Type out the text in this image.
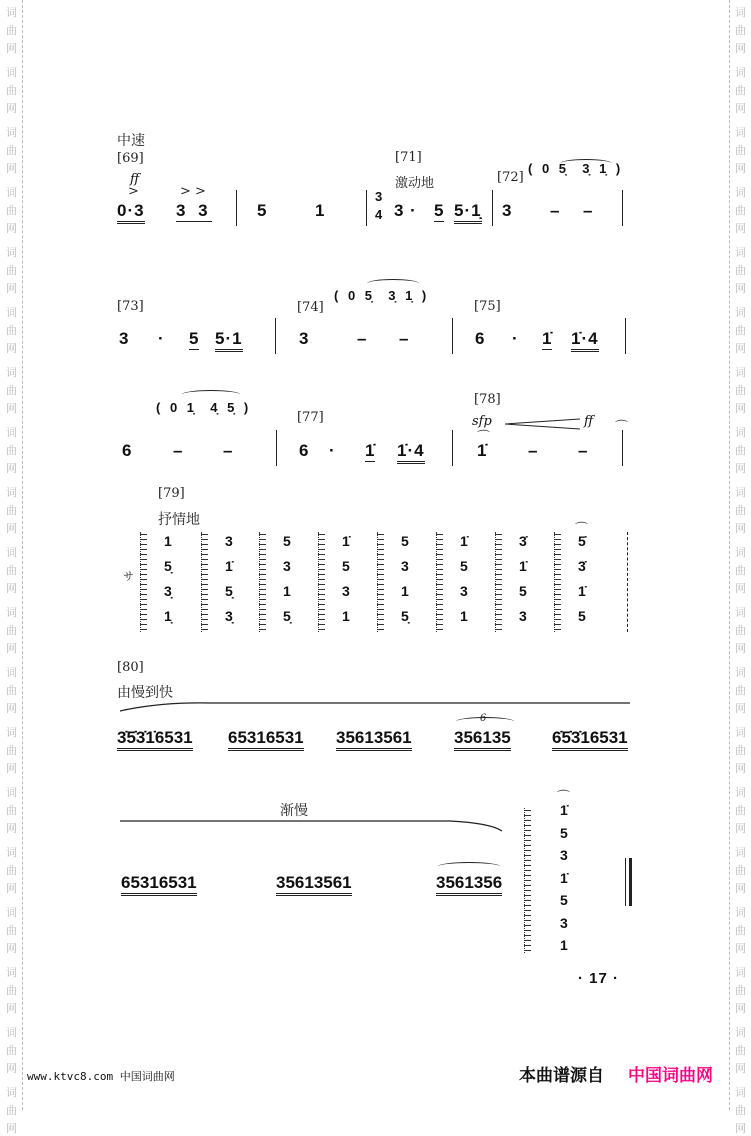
词	词
曲	曲
网	网
词	词
曲	曲
网	网
词	词
曲	曲
网	网
词	词
曲	曲
网	网
词	词
曲	曲
网	网
词	词
曲	曲
网	网
词	词
曲	曲
网	网
词	词
曲	曲
网	网
词	词
曲	曲
网	网
词	词
曲	曲
网	网
词	词
曲	曲
网	网
词	词
曲	曲
网	网
词	词
曲	曲
网	网
词	词
曲	曲
网	网
词	词
曲	曲
网	网
词	词
曲	曲
网	网
词	词
曲	曲
网	网
词	词
曲	曲
网	网
词	词
曲	曲
网	网
中速
[69]
ff
>	> >
0·3 3 3	5	1
[71]
激动地
3
4 3 · 5 5·1̣
[72]
( 0 5̣  3̣ 1̣ )
3 – –
[73]
3 · 5 5·1
[74]
( 0 5̣  3̣ 1̣ )
3	– –
[75]
6 · 1̇ 1̇·4
( 0 1̣  4̣ 5̣ )
6 – –
[77]
6 · 1̇ 1̇·4
[78]
sfp	ff
⌒
⌒
1̇ – –
[79]
抒情地
サ
⌒
1
5̣
3̣
1̣
3
1̇
5̣
3̣
5
3
1
5̣
1̇
5
3
1
5
3
1
5̣
1̇
5
3
1
3̇
1̇
5
3
5̇
3̇
1̇
5
[80]
由慢到快
6
3̇5̇3̇1̇6531 65316531 35613561 356135 6̇5̇3̇16531
渐慢
65316531	35613561	3561356
⌒
1̇
5
3
1̇
5
3
1
· 17 ·
www.ktvc8.com 中国词曲网	本曲谱源自 中国词曲网
